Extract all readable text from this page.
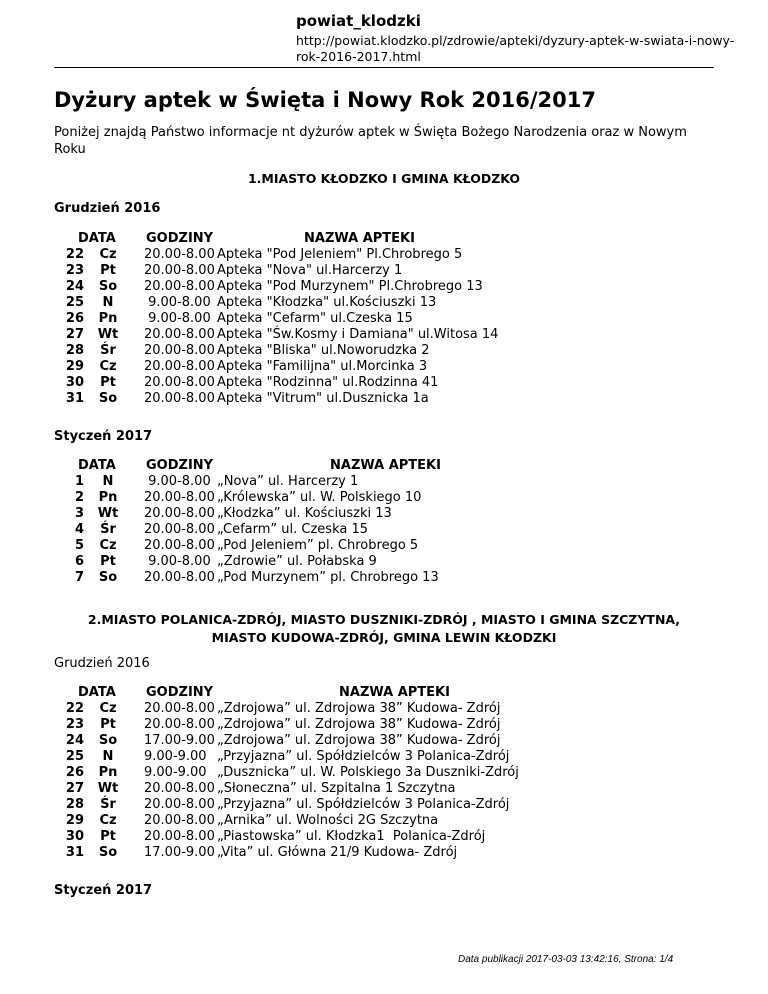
powiat_klodzki
http://powiat.klodzko.pl/zdrowie/apteki/dyzury-aptek-w-swiata-i-nowy-rok-2016-2017.html
Dyżury aptek w Święta i Nowy Rok 2016/2017
Poniżej znajdą Państwo informacje nt dyżurów aptek w Święta Bożego Narodzenia oraz w Nowym Roku
1.MIASTO KŁODZKO I GMINA KŁODZKO
Grudzień 2016
DATA GODZINY	NAZWA APTEKI
22	Cz	20.00-8.00 Apteka "Pod Jeleniem" Pl.Chrobrego 5
23	Pt	20.00-8.00 Apteka "Nova" ul.Harcerzy 1
24	So	20.00-8.00 Apteka "Pod Murzynem" Pl.Chrobrego 13
25	N	9.00-8.00 Apteka "Kłodzka" ul.Kościuszki 13
26	Pn	9.00-8.00 Apteka "Cefarm" ul.Czeska 15
27	Wt	20.00-8.00 Apteka "Św.Kosmy i Damiana" ul.Witosa 14
28	Śr	20.00-8.00 Apteka "Bliska" ul.Noworudzka 2
29	Cz	20.00-8.00 Apteka "Familijna" ul.Morcinka 3
30	Pt	20.00-8.00 Apteka "Rodzinna" ul.Rodzinna 41
31	So	20.00-8.00 Apteka "Vitrum" ul.Dusznicka 1a
Styczeń 2017
DATA GODZINY	NAZWA APTEKI
1	N	9.00-8.00 „Nova” ul. Harcerzy 1
2	Pn	20.00-8.00 „Królewska” ul. W. Polskiego 10
3	Wt	20.00-8.00 „Kłodzka” ul. Kościuszki 13
4	Śr	20.00-8.00 „Cefarm” ul. Czeska 15
5	Cz	20.00-8.00 „Pod Jeleniem” pl. Chrobrego 5
6	Pt	9.00-8.00 „Zdrowie” ul. Połabska 9
7	So	20.00-8.00 „Pod Murzynem” pl. Chrobrego 13
2.MIASTO POLANICA-ZDRÓJ, MIASTO DUSZNIKI-ZDRÓJ , MIASTO I GMINA SZCZYTNA,
MIASTO KUDOWA-ZDRÓJ, GMINA LEWIN KŁODZKI
Grudzień 2016
DATA GODZINY	NAZWA APTEKI
22	Cz	20.00-8.00 „Zdrojowa” ul. Zdrojowa 38” Kudowa- Zdrój
23	Pt	20.00-8.00 „Zdrojowa” ul. Zdrojowa 38” Kudowa- Zdrój
24	So	17.00-9.00 „Zdrojowa” ul. Zdrojowa 38” Kudowa- Zdrój
25	N	9.00-9.00 „Przyjazna” ul. Spółdzielców 3 Polanica-Zdrój
26	Pn	9.00-9.00 „Dusznicka” ul. W. Polskiego 3a Duszniki-Zdrój
27	Wt	20.00-8.00 „Słoneczna” ul. Szpitalna 1 Szczytna
28	Śr	20.00-8.00 „Przyjazna” ul. Spółdzielców 3 Polanica-Zdrój
29	Cz	20.00-8.00 „Arnika” ul. Wolności 2G Szczytna
30	Pt	20.00-8.00 „Piastowska” ul. Kłodzka1  Polanica-Zdrój
31	So	17.00-9.00 „Vita” ul. Główna 21/9 Kudowa- Zdrój
Styczeń 2017
Data publikacji 2017-03-03 13:42:16, Strona: 1/4
